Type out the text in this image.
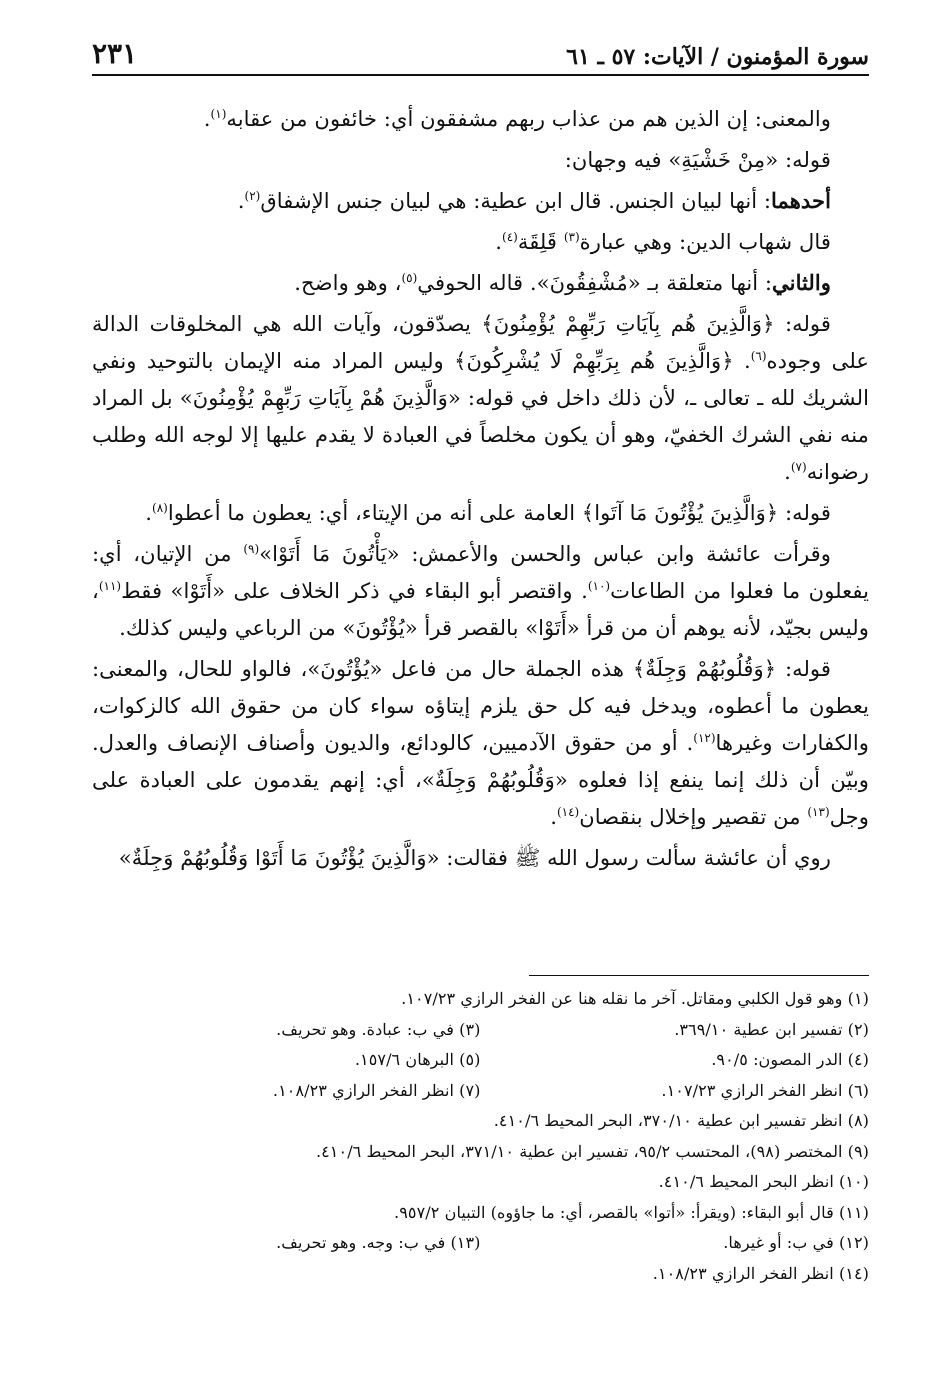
سورة المؤمنون / الآيات: ٥٧ ـ ٦١
٢٣١

والمعنى: إن الذين هم من عذاب ربهم مشفقون أي: خائفون من عقابه$^{(١)}$.

قوله: «مِنْ خَشْيَةِ» فيه وجهان:

أحدهما: أنها لبيان الجنس. قال ابن عطية: هي لبيان جنس الإشفاق$^{(٢)}$.

قال شهاب الدين: وهي عبارة$^{(٣)}$ قَلِقَة$^{(٤)}$.

والثاني: أنها متعلقة بـ «مُشْفِقُونَ». قاله الحوفي$^{(٥)}$، وهو واضح.

قوله: ﴿وَالَّذِينَ هُم بِآيَاتِ رَبِّهِمْ يُؤْمِنُونَ﴾ يصدّقون، وآيات الله هي المخلوقات الدالة على وجوده$^{(٦)}$. ﴿وَالَّذِينَ هُم بِرَبِّهِمْ لَا يُشْرِكُونَ﴾ وليس المراد منه الإيمان بالتوحيد ونفي الشريك لله ـ تعالى ـ، لأن ذلك داخل في قوله: «وَالَّذِينَ هُمْ بِآيَاتِ رَبِّهِمْ يُؤْمِنُونَ» بل المراد منه نفي الشرك الخفيّ، وهو أن يكون مخلصاً في العبادة لا يقدم عليها إلا لوجه الله وطلب رضوانه$^{(٧)}$.

قوله: ﴿وَالَّذِينَ يُؤْتُونَ مَا آتَوا﴾ العامة على أنه من الإيتاء، أي: يعطون ما أعطوا$^{(٨)}$.

وقرأت عائشة وابن عباس والحسن والأعمش: «يَأْتُونَ مَا أَتَوْا»$^{(٩)}$ من الإتيان، أي: يفعلون ما فعلوا من الطاعات$^{(١٠)}$. واقتصر أبو البقاء في ذكر الخلاف على «أَتَوْا» فقط$^{(١١)}$، وليس بجيّد، لأنه يوهم أن من قرأ «أَتَوْا» بالقصر قرأ «يُؤْتُونَ» من الرباعي وليس كذلك.

قوله: ﴿وَقُلُوبُهُمْ وَجِلَةٌ﴾ هذه الجملة حال من فاعل «يُؤْتُونَ»، فالواو للحال، والمعنى: يعطون ما أعطوه، ويدخل فيه كل حق يلزم إيتاؤه سواء كان من حقوق الله كالزكوات، والكفارات وغيرها$^{(١٢)}$. أو من حقوق الآدميين، كالودائع، والديون وأصناف الإنصاف والعدل. وبيّن أن ذلك إنما ينفع إذا فعلوه «وَقُلُوبُهُمْ وَجِلَةٌ»، أي: إنهم يقدمون على العبادة على وجل$^{(١٣)}$ من تقصير وإخلال بنقصان$^{(١٤)}$.

روي أن عائشة سألت رسول الله ﷺ فقالت: «وَالَّذِينَ يُؤْتُونَ مَا أَتَوْا وَقُلُوبُهُمْ وَجِلَةٌ»

(١) وهو قول الكلبي ومقاتل. آخر ما نقله هنا عن الفخر الرازي ١٠٧/٢٣.
(٢) تفسير ابن عطية ٣٦٩/١٠.
(٣) في ب: عبادة. وهو تحريف.
(٤) الدر المصون: ٩٠/٥.
(٥) البرهان ١٥٧/٦.
(٦) انظر الفخر الرازي ١٠٧/٢٣.
(٧) انظر الفخر الرازي ١٠٨/٢٣.
(٨) انظر تفسير ابن عطية ٣٧٠/١٠، البحر المحيط ٤١٠/٦.
(٩) المختصر (٩٨)، المحتسب ٩٥/٢، تفسير ابن عطية ٣٧١/١٠، البحر المحيط ٤١٠/٦.
(١٠) انظر البحر المحيط ٤١٠/٦.
(١١) قال أبو البقاء: (ويقرأ: «أتوا» بالقصر، أي: ما جاؤوه) التبيان ٩٥٧/٢.
(١٢) في ب: أو غيرها.
(١٣) في ب: وجه. وهو تحريف.
(١٤) انظر الفخر الرازي ١٠٨/٢٣.
